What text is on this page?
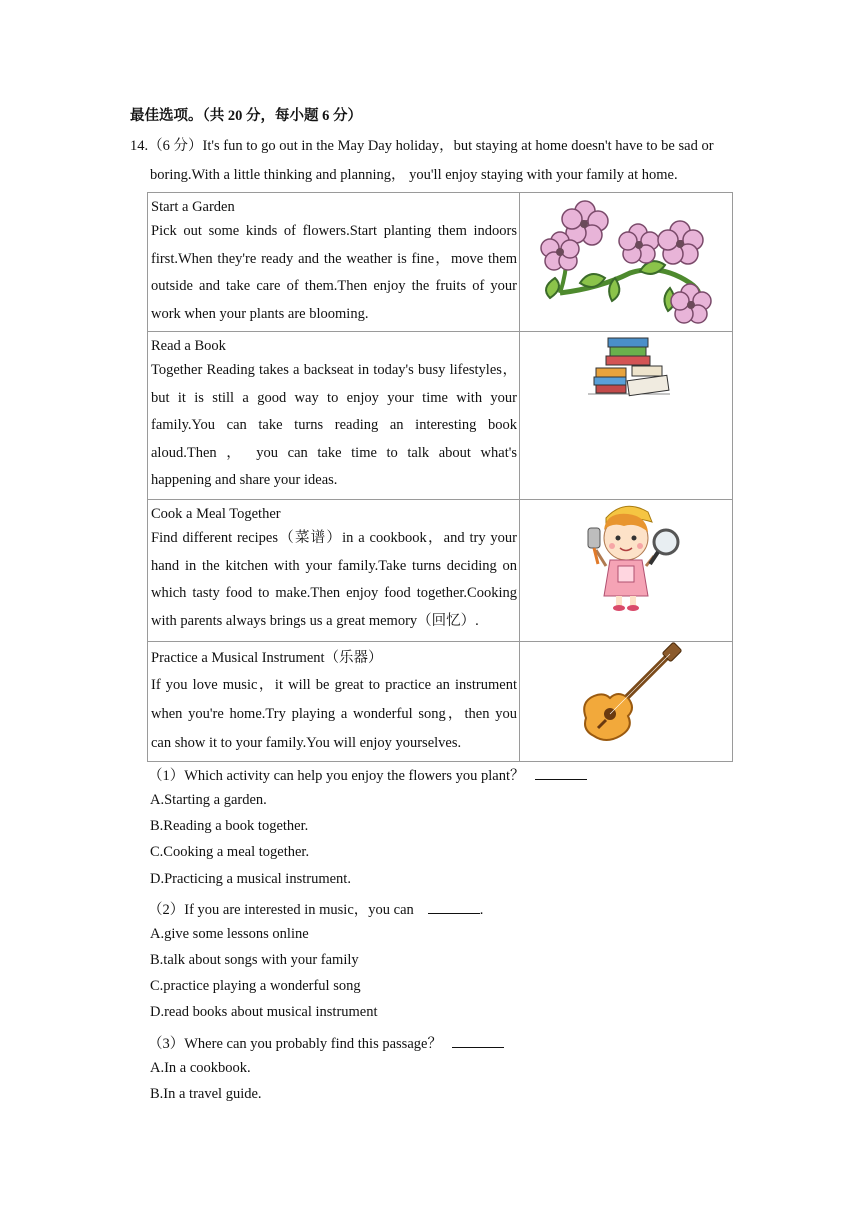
最佳选项。（共 20 分，每小题 6 分）
14.（6 分）It's fun to go out in the May Day holiday，but staying at home doesn't have to be sad or
boring.With a little thinking and planning， you'll enjoy staying with your family at home.
Start a Garden
Pick out some kinds of flowers.Start planting them indoors first.When they're ready and the weather is fine，move them outside and take care of them.Then enjoy the fruits of your work when your plants are blooming.

Read a Book
Together Reading takes a backseat in today's busy lifestyles，but it is still a good way to enjoy your time with your family.You can take turns reading an interesting book aloud.Then ， you can take time to talk about what's happening and share your ideas.

Cook a Meal Together
Find different recipes（菜谱）in a cookbook，and try your hand in the kitchen with your family.Take turns deciding on which tasty food to make.Then enjoy food together.Cooking with parents always brings us a great memory（回忆）.

Practice a Musical Instrument（乐器）
If you love music，it will be great to practice an instrument when you're home.Try playing a wonderful song，then you can show it to your family.You will enjoy yourselves.

（1）Which activity can help you enjoy the flowers you plant？
A.Starting a garden.
B.Reading a book together.
C.Cooking a meal together.
D.Practicing a musical instrument.
（2）If you are interested in music，you can	.
A.give some lessons online
B.talk about songs with your family
C.practice playing a wonderful song
D.read books about musical instrument
（3）Where can you probably find this passage？
A.In a cookbook.
B.In a travel guide.
